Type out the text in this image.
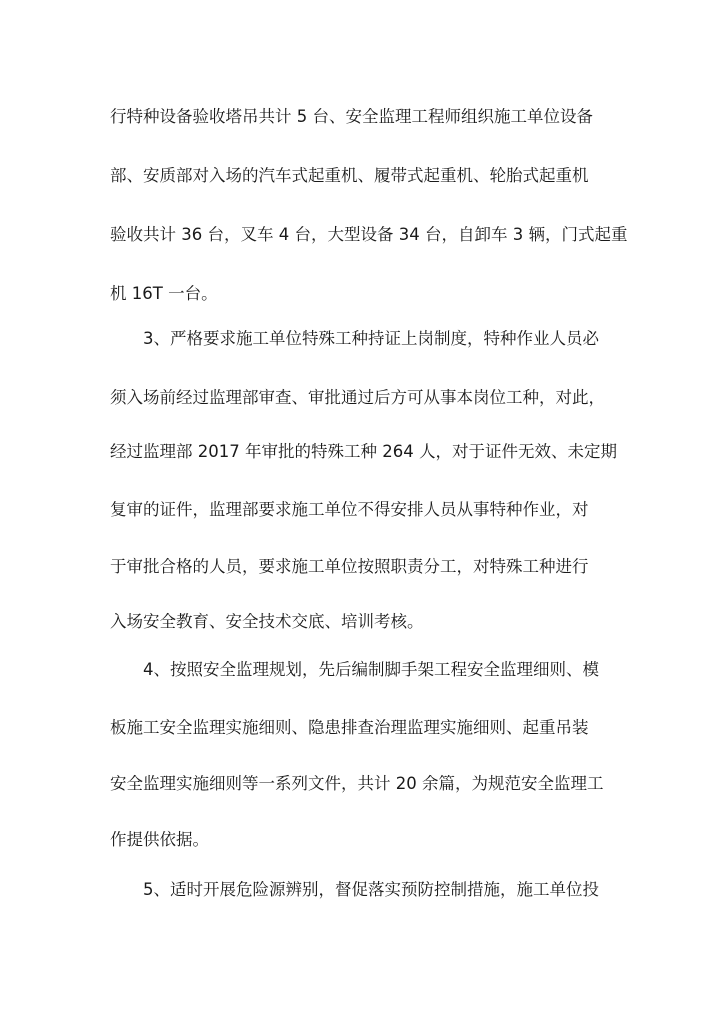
行特种设备验收塔吊共计 5 台、安全监理工程师组织施工单位设备

部、安质部对入场的汽车式起重机、履带式起重机、轮胎式起重机

验收共计 36 台，叉车 4 台，大型设备 34 台，自卸车 3 辆，门式起重

机 16T 一台。

3、严格要求施工单位特殊工种持证上岗制度，特种作业人员必

须入场前经过监理部审查、审批通过后方可从事本岗位工种，对此，

经过监理部 2017 年审批的特殊工种 264 人，对于证件无效、未定期

复审的证件，监理部要求施工单位不得安排人员从事特种作业，对

于审批合格的人员，要求施工单位按照职责分工，对特殊工种进行

入场安全教育、安全技术交底、培训考核。

4、按照安全监理规划，先后编制脚手架工程安全监理细则、模

板施工安全监理实施细则、隐患排查治理监理实施细则、起重吊装

安全监理实施细则等一系列文件，共计 20 余篇，为规范安全监理工

作提供依据。

5、适时开展危险源辨别，督促落实预防控制措施，施工单位投
